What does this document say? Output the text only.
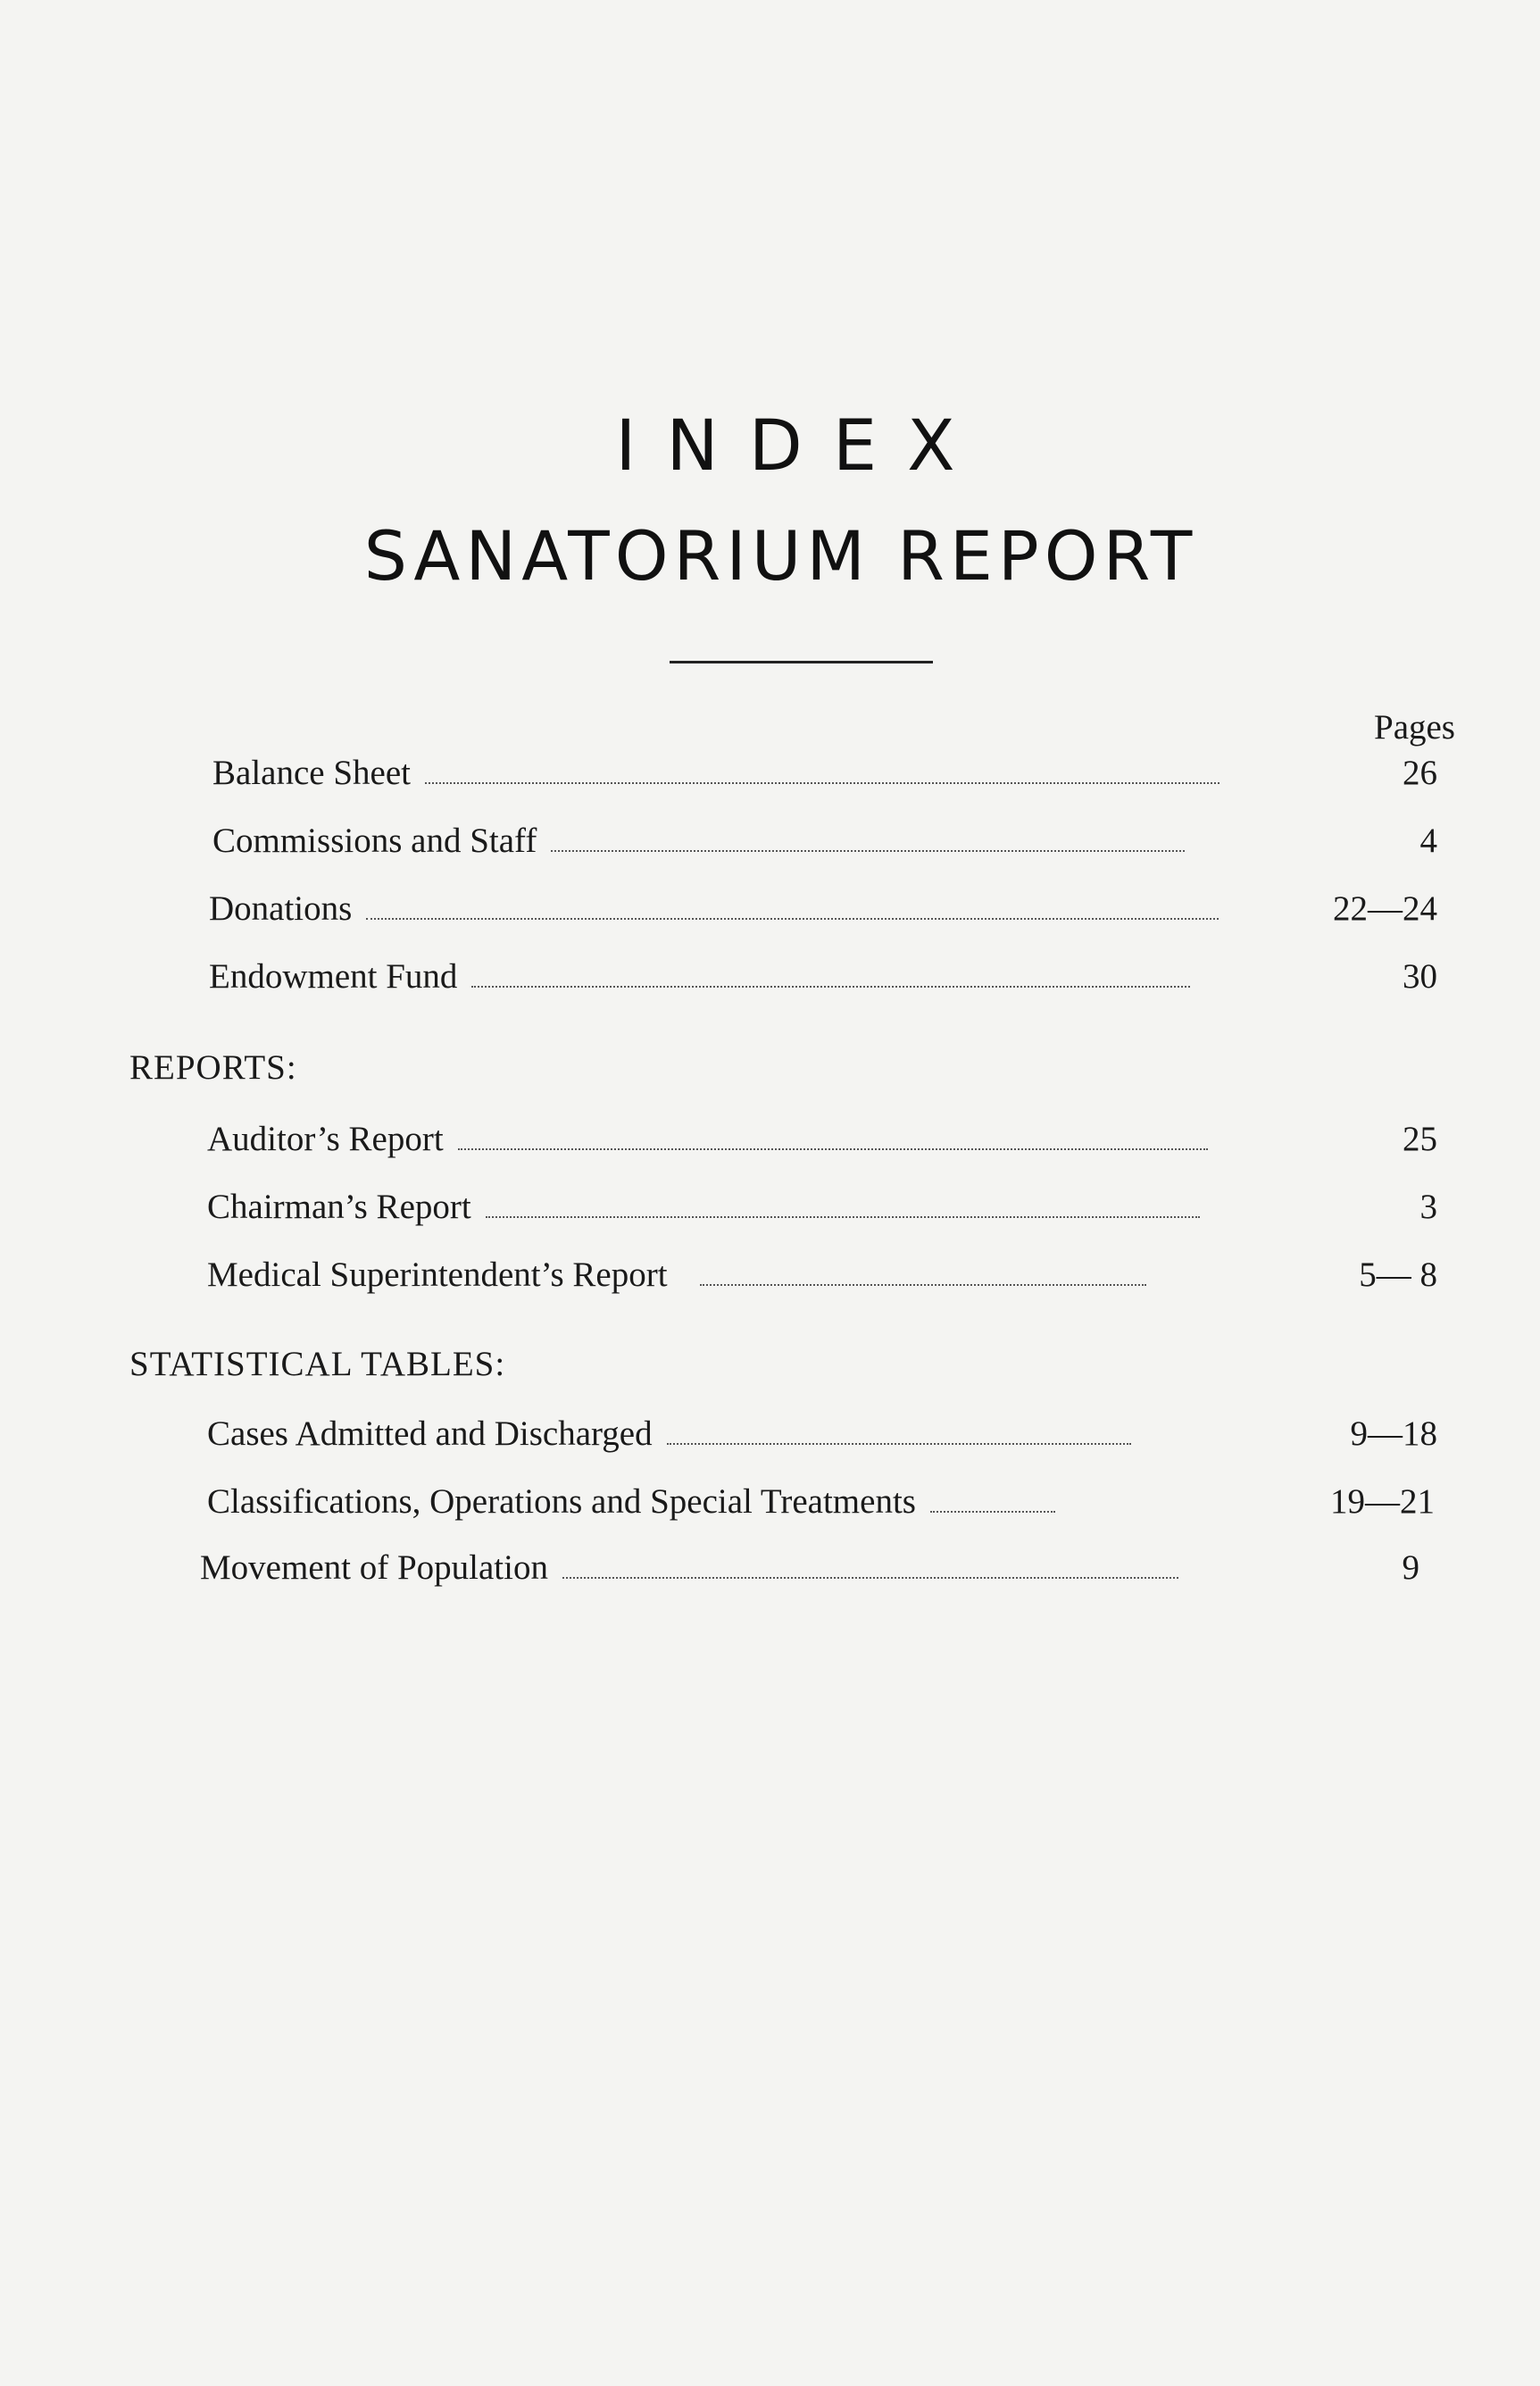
INDEX
SANATORIUM REPORT
Pages
Balance Sheet	26
Commissions and Staff	4
Donations	22—24
Endowment Fund	30
REPORTS:
Auditor’s Report	25
Chairman’s Report	3
Medical Superintendent’s Report	5— 8
STATISTICAL TABLES:
Cases Admitted and Discharged	9—18
Classifications, Operations and Special Treatments	19—21
Movement of Population	9
